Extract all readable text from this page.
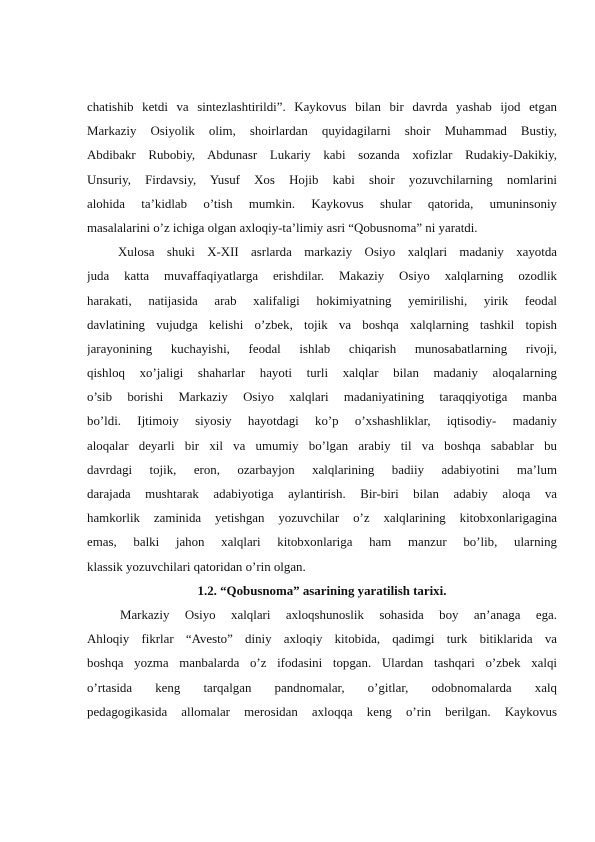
chatishib ketdi va sintezlashtirildi”. Kaykovus bilan bir davrda yashab ijod etgan
Markaziy Osiyolik olim, shoirlardan quyidagilarni shoir Muhammad Bustiy,
Abdibakr Rubobiy, Abdunasr Lukariy kabi sozanda xofizlar Rudakiy-Dakikiy,
Unsuriy, Firdavsiy, Yusuf Xos Hojib kabi shoir yozuvchilarning nomlarini
alohida ta’kidlab o’tish mumkin. Kaykovus shular qatorida, umuninsoniy
masalalarini o’z ichiga olgan axloqiy-ta’limiy asri “Qobusnoma” ni yaratdi.
Xulosa shuki X-XII asrlarda markaziy Osiyo xalqlari madaniy xayotda
juda katta muvaffaqiyatlarga erishdilar. Makaziy Osiyo xalqlarning ozodlik
harakati, natijasida arab xalifaligi hokimiyatning yemirilishi, yirik feodal
davlatining vujudga kelishi o’zbek, tojik va boshqa xalqlarning tashkil topish
jarayonining kuchayishi, feodal ishlab chiqarish munosabatlarning rivoji,
qishloq xo’jaligi shaharlar hayoti turli xalqlar bilan madaniy aloqalarning
o’sib borishi Markaziy Osiyo xalqlari madaniyatining taraqqiyotiga manba
bo’ldi. Ijtimoiy siyosiy hayotdagi ko’p o’xshashliklar, iqtisodiy- madaniy
aloqalar deyarli bir xil va umumiy bo’lgan arabiy til va boshqa sabablar bu
davrdagi tojik, eron, ozarbayjon xalqlarining badiiy adabiyotini ma’lum
darajada mushtarak adabiyotiga aylantirish. Bir-biri bilan adabiy aloqa va
hamkorlik zaminida yetishgan yozuvchilar o’z xalqlarining kitobxonlarigagina
emas, balki jahon xalqlari kitobxonlariga ham manzur bo’lib, ularning
klassik yozuvchilari qatoridan o’rin olgan.
1.2. “Qobusnoma” asarining yaratilish tarixi.
Markaziy Osiyo xalqlari axloqshunoslik sohasida boy an’anaga ega.
Ahloqiy fikrlar “Avesto” diniy axloqiy kitobida, qadimgi turk bitiklarida va
boshqa yozma manbalarda o’z ifodasini topgan. Ulardan tashqari o’zbek xalqi
o’rtasida keng tarqalgan pandnomalar, o’gitlar, odobnomalarda xalq
pedagogikasida allomalar merosidan axloqqa keng o’rin berilgan. Kaykovus
